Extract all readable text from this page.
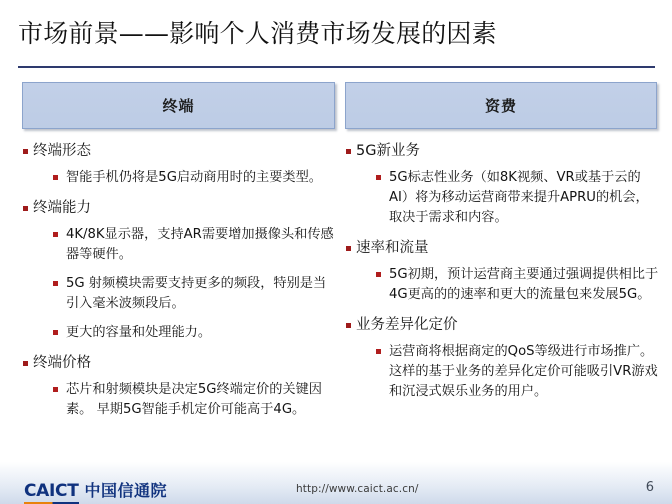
市场前景——影响个人消费市场发展的因素
终端	资费
终端形态
智能手机仍将是5G启动商用时的主要类型。
终端能力
4K/8K显示器，支持AR需要增加摄像头和传感器等硬件。
5G 射频模块需要支持更多的频段，特别是当引入毫米波频段后。
更大的容量和处理能力。
终端价格
芯片和射频模块是决定5G终端定价的关键因素。 早期5G智能手机定价可能高于4G。
5G新业务
5G标志性业务（如8K视频、VR或基于云的AI）将为移动运营商带来提升APRU的机会，取决于需求和内容。
速率和流量
5G初期，预计运营商主要通过强调提供相比于4G更高的的速率和更大的流量包来发展5G。
业务差异化定价
运营商将根据商定的QoS等级进行市场推广。这样的基于业务的差异化定价可能吸引VR游戏和沉浸式娱乐业务的用户。
CAICT 中国信通院	http://www.caict.ac.cn/	6
